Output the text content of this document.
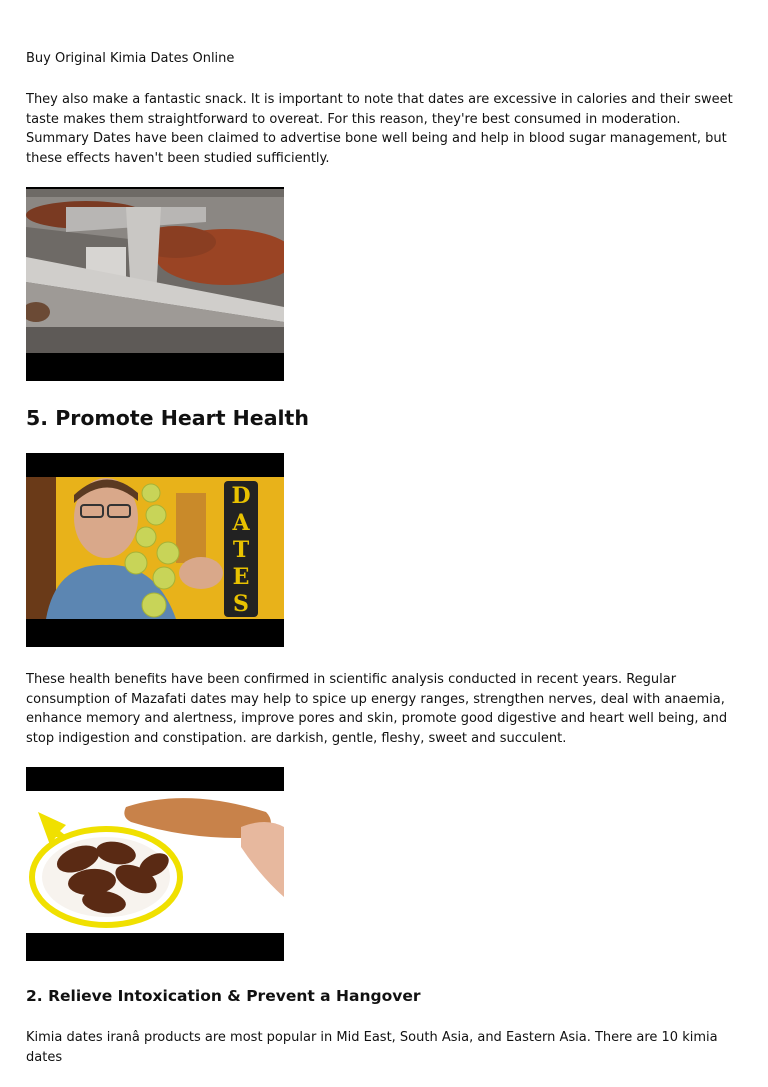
Buy Original Kimia Dates Online
They also make a fantastic snack. It is important to note that dates are excessive in calories and their sweet taste makes them straightforward to overeat. For this reason, they're best consumed in moderation. Summary Dates have been claimed to advertise bone well being and help in blood sugar management, but these effects haven't been studied sufficiently.
5. Promote Heart Health
D
A
T
E
S
These health benefits have been confirmed in scientific analysis conducted in recent years. Regular consumption of Mazafati dates may help to spice up energy ranges, strengthen nerves, deal with anaemia, enhance memory and alertness, improve pores and skin, promote good digestive and heart well being, and stop indigestion and constipation. are darkish, gentle, fleshy, sweet and succulent.
2. Relieve Intoxication & Prevent a Hangover
Kimia dates iranâ products are most popular in Mid East, South Asia, and Eastern Asia. There are 10 kimia dates
